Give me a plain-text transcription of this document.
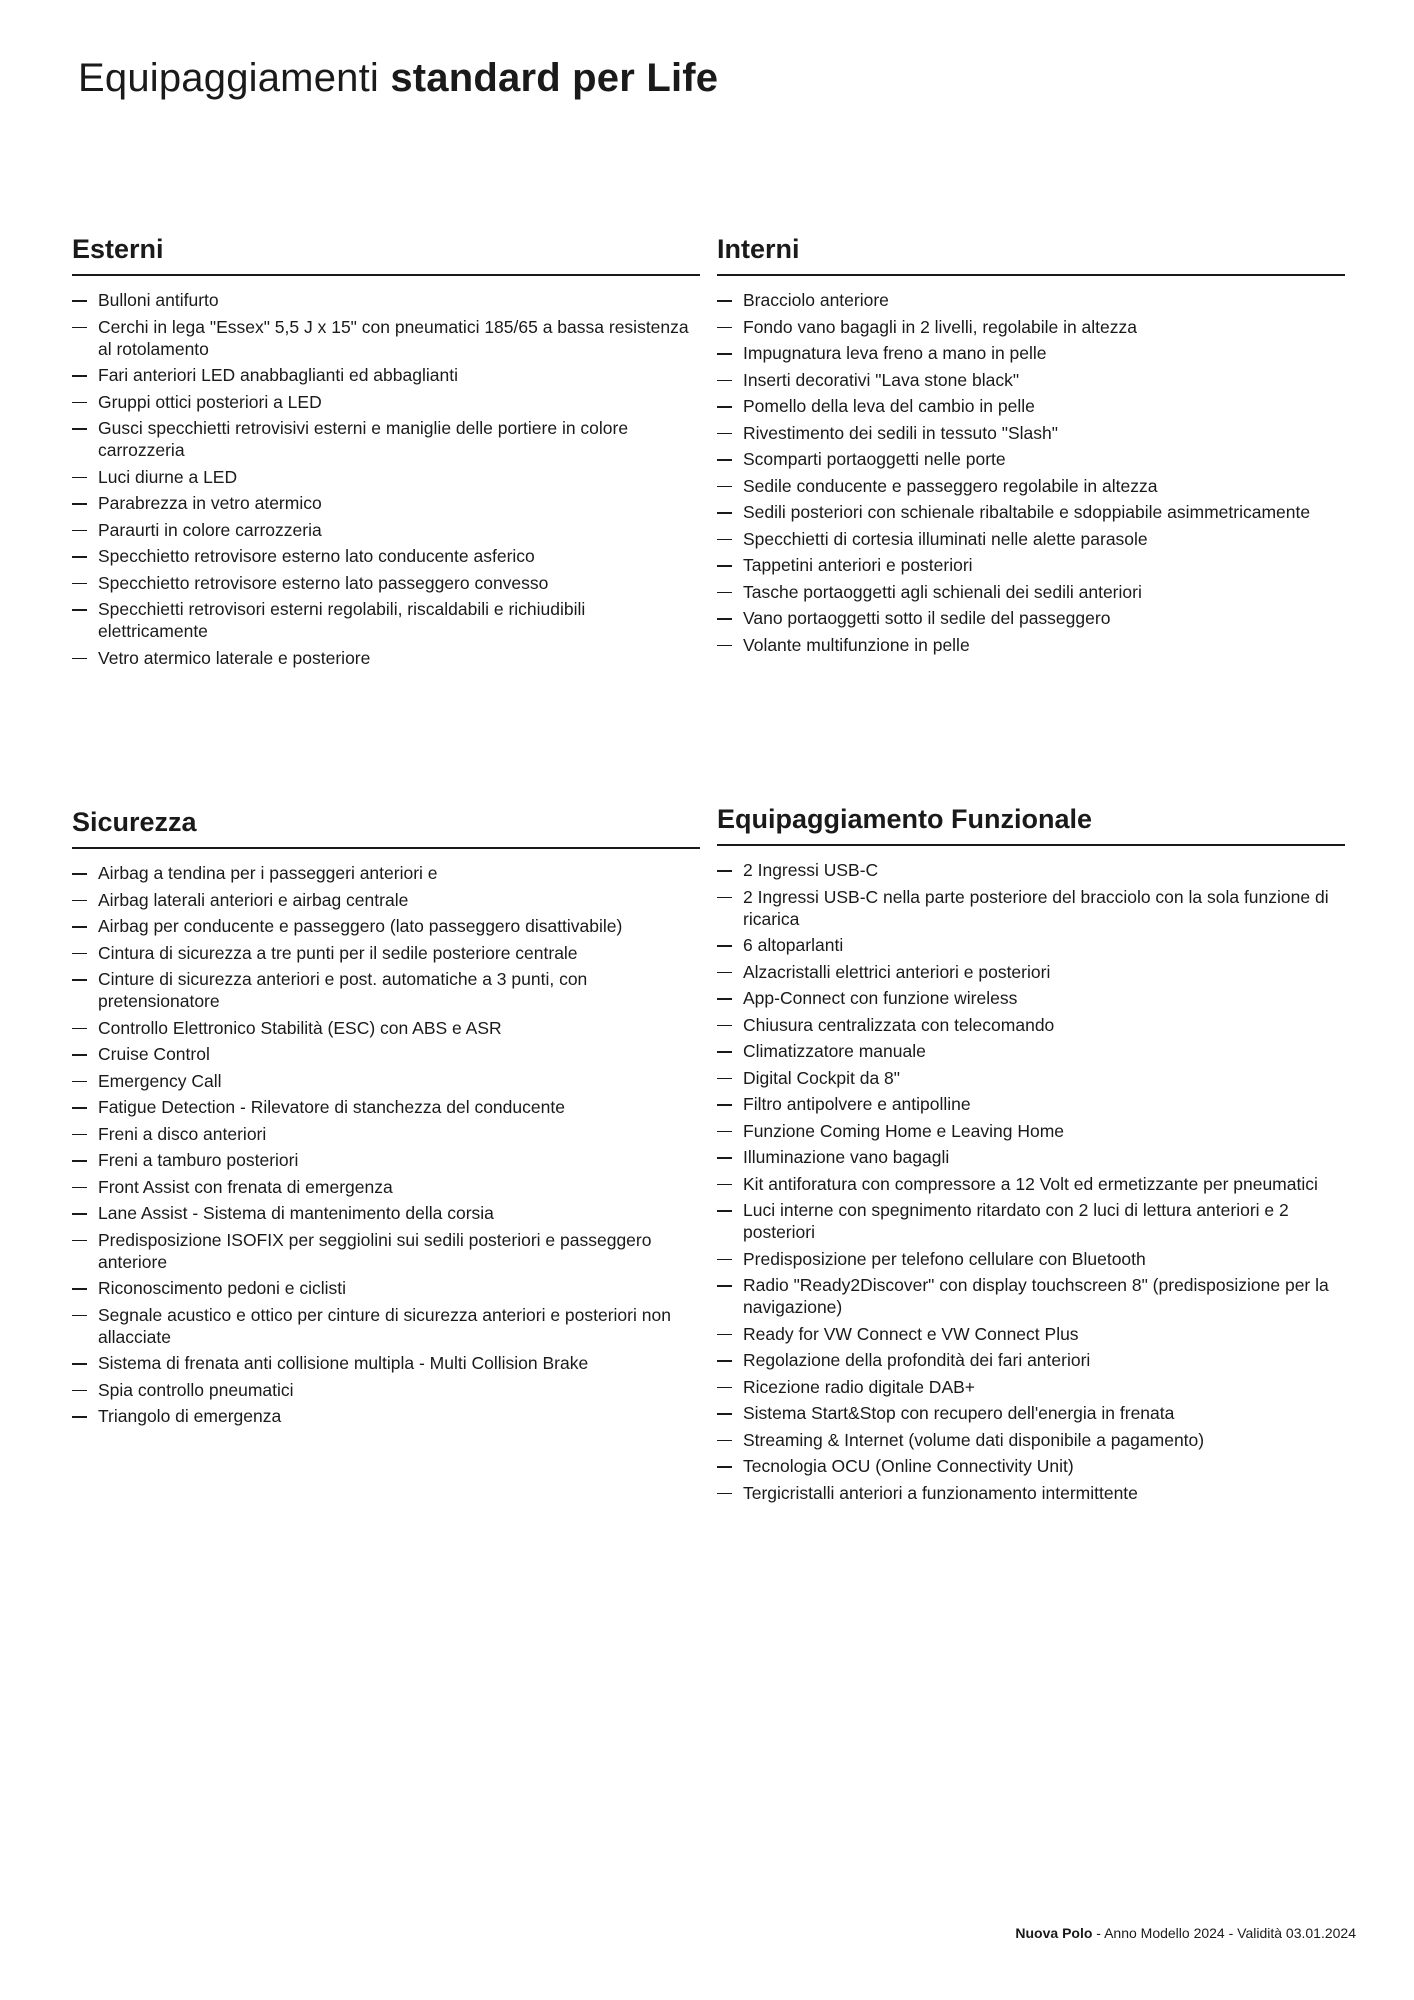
Equipaggiamenti standard per Life
Esterni
Bulloni antifurto
Cerchi in lega "Essex" 5,5 J x 15" con pneumatici 185/65 a bassa resistenza al rotolamento
Fari anteriori LED anabbaglianti ed abbaglianti
Gruppi ottici posteriori a LED
Gusci specchietti retrovisivi esterni e maniglie delle portiere in colore carrozzeria
Luci diurne a LED
Parabrezza in vetro atermico
Paraurti in colore carrozzeria
Specchietto retrovisore esterno lato conducente asferico
Specchietto retrovisore esterno lato passeggero convesso
Specchietti retrovisori esterni regolabili, riscaldabili e richiudibili elettricamente
Vetro atermico laterale e posteriore
Interni
Bracciolo anteriore
Fondo vano bagagli in 2 livelli, regolabile in altezza
Impugnatura leva freno a mano in pelle
Inserti decorativi "Lava stone black"
Pomello della leva del cambio in pelle
Rivestimento dei sedili in tessuto "Slash"
Scomparti portaoggetti nelle porte
Sedile conducente e passeggero regolabile in altezza
Sedili posteriori con schienale ribaltabile e sdoppiabile asimmetricamente
Specchietti di cortesia illuminati nelle alette parasole
Tappetini anteriori e posteriori
Tasche portaoggetti agli schienali dei sedili anteriori
Vano portaoggetti sotto il sedile del passeggero
Volante multifunzione in pelle
Sicurezza
Airbag a tendina per i passeggeri anteriori e
Airbag laterali anteriori e airbag centrale
Airbag per conducente e passeggero (lato passeggero disattivabile)
Cintura di sicurezza a tre punti per il sedile posteriore centrale
Cinture di sicurezza anteriori e post. automatiche a 3 punti, con pretensionatore
Controllo Elettronico Stabilità (ESC) con ABS e ASR
Cruise Control
Emergency Call
Fatigue Detection - Rilevatore di stanchezza del conducente
Freni a disco anteriori
Freni a tamburo posteriori
Front Assist con frenata di emergenza
Lane Assist - Sistema di mantenimento della corsia
Predisposizione ISOFIX per seggiolini sui sedili posteriori e passeggero anteriore
Riconoscimento pedoni e ciclisti
Segnale acustico e ottico per cinture di sicurezza anteriori e posteriori non allacciate
Sistema di frenata anti collisione multipla - Multi Collision Brake
Spia controllo pneumatici
Triangolo di emergenza
Equipaggiamento Funzionale
2 Ingressi USB-C
2 Ingressi USB-C nella parte posteriore del bracciolo con la sola funzione di ricarica
6 altoparlanti
Alzacristalli elettrici anteriori e posteriori
App-Connect con funzione wireless
Chiusura centralizzata con telecomando
Climatizzatore manuale
Digital Cockpit da 8"
Filtro antipolvere e antipolline
Funzione Coming Home e Leaving Home
Illuminazione vano bagagli
Kit antiforatura con compressore a 12 Volt ed ermetizzante per pneumatici
Luci interne con spegnimento ritardato con 2 luci di lettura anteriori e 2 posteriori
Predisposizione per telefono cellulare con Bluetooth
Radio "Ready2Discover" con display touchscreen 8" (predisposizione per la navigazione)
Ready for VW Connect e VW Connect Plus
Regolazione della profondità dei fari anteriori
Ricezione radio digitale DAB+
Sistema Start&Stop con recupero dell'energia in frenata
Streaming & Internet (volume dati disponibile a pagamento)
Tecnologia OCU (Online Connectivity Unit)
Tergicristalli anteriori a funzionamento intermittente
Nuova Polo - Anno Modello 2024 - Validità 03.01.2024
